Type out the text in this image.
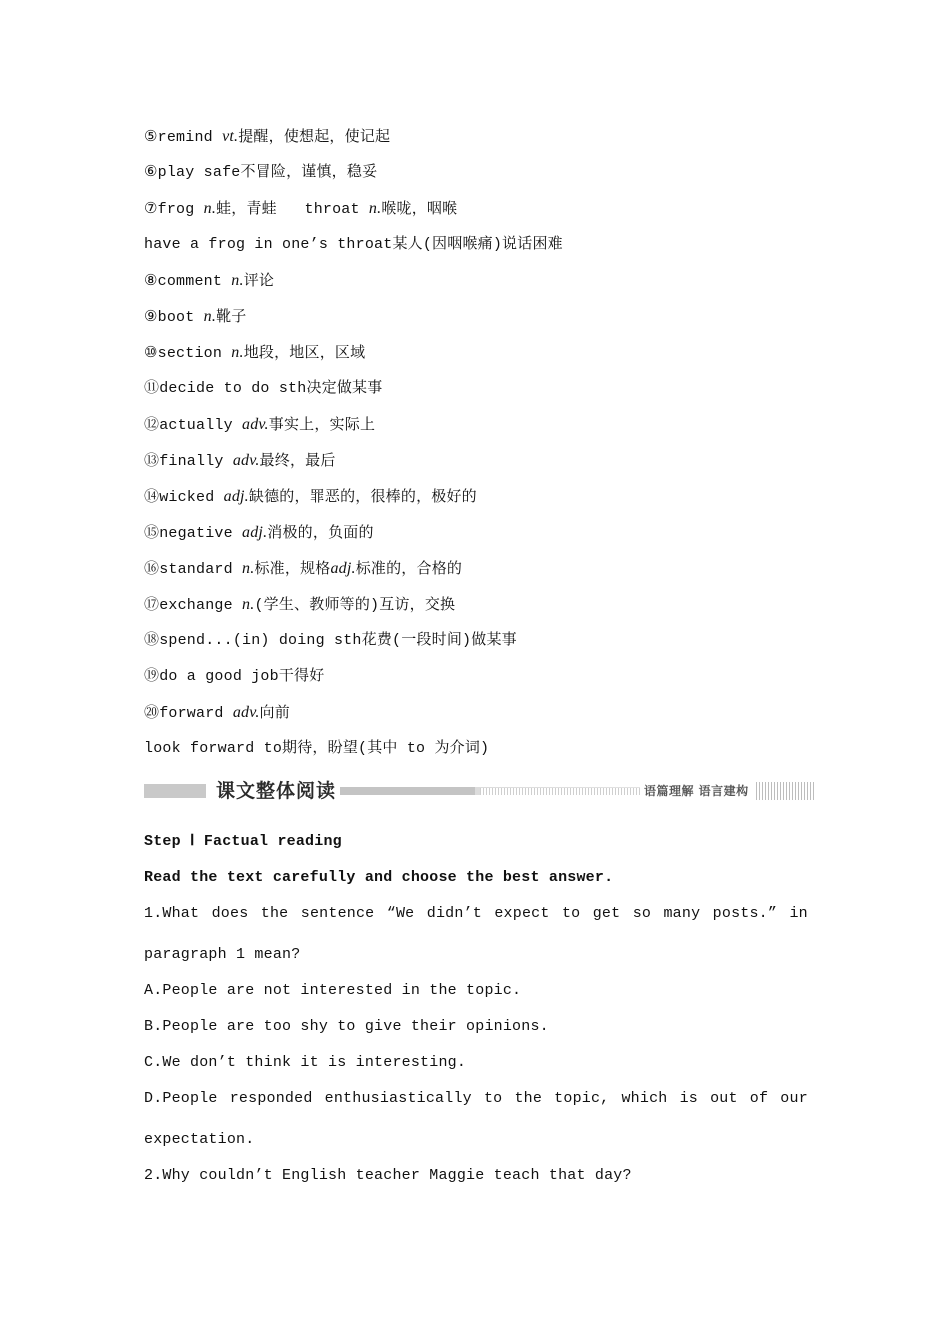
⑤remind vt.提醒，使想起，使记起
⑥play safe不冒险，谨慎，稳妥
⑦frog n.蛙，青蛙 throat n.喉咙，咽喉
have a frog in one’s throat某人(因咽喉痛)说话困难
⑧comment n.评论
⑨boot n.靴子
⑩section n.地段，地区，区域
⑪decide to do sth决定做某事
⑫actually adv.事实上，实际上
⑬finally adv.最终，最后
⑭wicked adj.缺德的，罪恶的，很棒的，极好的
⑮negative adj.消极的，负面的
⑯standard n.标准，规格adj.标准的，合格的
⑰exchange n.(学生、教师等的)互访，交换
⑱spend...(in) doing sth花费(一段时间)做某事
⑲do a good job干得好
⑳forward adv.向前
look forward to期待，盼望(其中 to 为介词)
课文整体阅读	语篇理解 语言建构
Step Ⅰ Factual reading
Read the text carefully and choose the best answer.
1.What does the sentence “We didn’t expect to get so many posts.” in
paragraph 1 mean?
A.People are not interested in the topic.
B.People are too shy to give their opinions.
C.We don’t think it is interesting.
D.People responded enthusiastically to the topic, which is out of our
expectation.
2.Why couldn’t English teacher Maggie teach that day?
